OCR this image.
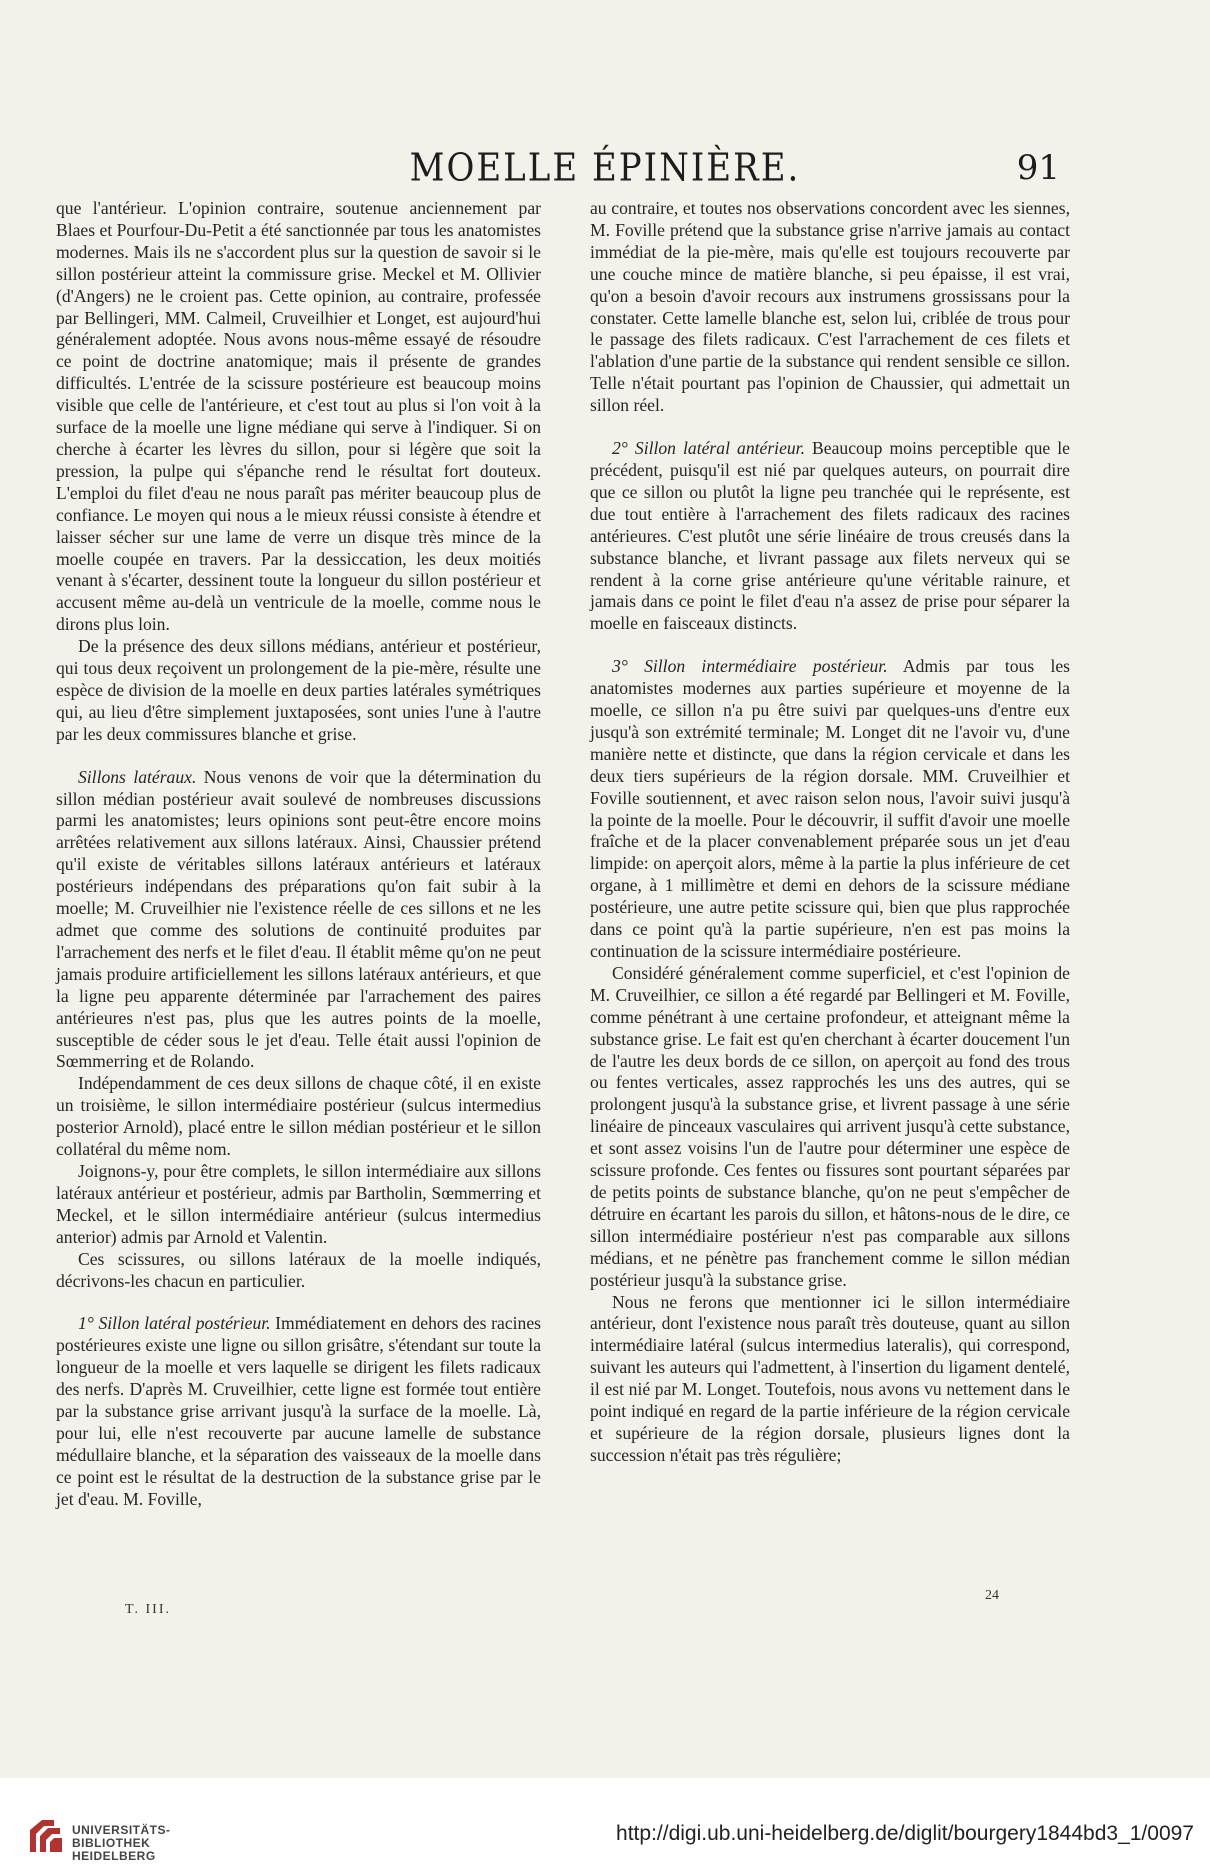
MOELLE ÉPINIÈRE.	91

que l'antérieur. L'opinion contraire, soutenue anciennement par Blaes et Pourfour-Du-Petit a été sanctionnée par tous les anatomistes modernes. Mais ils ne s'accordent plus sur la question de savoir si le sillon postérieur atteint la commissure grise. Meckel et M. Ollivier (d'Angers) ne le croient pas. Cette opinion, au contraire, professée par Bellingeri, MM. Calmeil, Cruveilhier et Longet, est aujourd'hui généralement adoptée. Nous avons nous-même essayé de résoudre ce point de doctrine anatomique; mais il présente de grandes difficultés. L'entrée de la scissure postérieure est beaucoup moins visible que celle de l'antérieure, et c'est tout au plus si l'on voit à la surface de la moelle une ligne médiane qui serve à l'indiquer. Si on cherche à écarter les lèvres du sillon, pour si légère que soit la pression, la pulpe qui s'épanche rend le résultat fort douteux. L'emploi du filet d'eau ne nous paraît pas mériter beaucoup plus de confiance. Le moyen qui nous a le mieux réussi consiste à étendre et laisser sécher sur une lame de verre un disque très mince de la moelle coupée en travers. Par la dessiccation, les deux moitiés venant à s'écarter, dessinent toute la longueur du sillon postérieur et accusent même au-delà un ventricule de la moelle, comme nous le dirons plus loin.

De la présence des deux sillons médians, antérieur et postérieur, qui tous deux reçoivent un prolongement de la pie-mère, résulte une espèce de division de la moelle en deux parties latérales symétriques qui, au lieu d'être simplement juxtaposées, sont unies l'une à l'autre par les deux commissures blanche et grise.

Sillons latéraux. Nous venons de voir que la détermination du sillon médian postérieur avait soulevé de nombreuses discussions parmi les anatomistes; leurs opinions sont peut-être encore moins arrêtées relativement aux sillons latéraux. Ainsi, Chaussier prétend qu'il existe de véritables sillons latéraux antérieurs et latéraux postérieurs indépendans des préparations qu'on fait subir à la moelle; M. Cruveilhier nie l'existence réelle de ces sillons et ne les admet que comme des solutions de continuité produites par l'arrachement des nerfs et le filet d'eau. Il établit même qu'on ne peut jamais produire artificiellement les sillons latéraux antérieurs, et que la ligne peu apparente déterminée par l'arrachement des paires antérieures n'est pas, plus que les autres points de la moelle, susceptible de céder sous le jet d'eau. Telle était aussi l'opinion de Sœmmerring et de Rolando.

Indépendamment de ces deux sillons de chaque côté, il en existe un troisième, le sillon intermédiaire postérieur (sulcus intermedius posterior Arnold), placé entre le sillon médian postérieur et le sillon collatéral du même nom.

Joignons-y, pour être complets, le sillon intermédiaire aux sillons latéraux antérieur et postérieur, admis par Bartholin, Sœmmerring et Meckel, et le sillon intermédiaire antérieur (sulcus intermedius anterior) admis par Arnold et Valentin.

Ces scissures, ou sillons latéraux de la moelle indiqués, décrivons-les chacun en particulier.

1° Sillon latéral postérieur. Immédiatement en dehors des racines postérieures existe une ligne ou sillon grisâtre, s'étendant sur toute la longueur de la moelle et vers laquelle se dirigent les filets radicaux des nerfs. D'après M. Cruveilhier, cette ligne est formée tout entière par la substance grise arrivant jusqu'à la surface de la moelle. Là, pour lui, elle n'est recouverte par aucune lamelle de substance médullaire blanche, et la séparation des vaisseaux de la moelle dans ce point est le résultat de la destruction de la substance grise par le jet d'eau. M. Foville,

au contraire, et toutes nos observations concordent avec les siennes, M. Foville prétend que la substance grise n'arrive jamais au contact immédiat de la pie-mère, mais qu'elle est toujours recouverte par une couche mince de matière blanche, si peu épaisse, il est vrai, qu'on a besoin d'avoir recours aux instrumens grossissans pour la constater. Cette lamelle blanche est, selon lui, criblée de trous pour le passage des filets radicaux. C'est l'arrachement de ces filets et l'ablation d'une partie de la substance qui rendent sensible ce sillon. Telle n'était pourtant pas l'opinion de Chaussier, qui admettait un sillon réel.

2° Sillon latéral antérieur. Beaucoup moins perceptible que le précédent, puisqu'il est nié par quelques auteurs, on pourrait dire que ce sillon ou plutôt la ligne peu tranchée qui le représente, est due tout entière à l'arrachement des filets radicaux des racines antérieures. C'est plutôt une série linéaire de trous creusés dans la substance blanche, et livrant passage aux filets nerveux qui se rendent à la corne grise antérieure qu'une véritable rainure, et jamais dans ce point le filet d'eau n'a assez de prise pour séparer la moelle en faisceaux distincts.

3° Sillon intermédiaire postérieur. Admis par tous les anatomistes modernes aux parties supérieure et moyenne de la moelle, ce sillon n'a pu être suivi par quelques-uns d'entre eux jusqu'à son extrémité terminale; M. Longet dit ne l'avoir vu, d'une manière nette et distincte, que dans la région cervicale et dans les deux tiers supérieurs de la région dorsale. MM. Cruveilhier et Foville soutiennent, et avec raison selon nous, l'avoir suivi jusqu'à la pointe de la moelle. Pour le découvrir, il suffit d'avoir une moelle fraîche et de la placer convenablement préparée sous un jet d'eau limpide: on aperçoit alors, même à la partie la plus inférieure de cet organe, à 1 millimètre et demi en dehors de la scissure médiane postérieure, une autre petite scissure qui, bien que plus rapprochée dans ce point qu'à la partie supérieure, n'en est pas moins la continuation de la scissure intermédiaire postérieure.

Considéré généralement comme superficiel, et c'est l'opinion de M. Cruveilhier, ce sillon a été regardé par Bellingeri et M. Foville, comme pénétrant à une certaine profondeur, et atteignant même la substance grise. Le fait est qu'en cherchant à écarter doucement l'un de l'autre les deux bords de ce sillon, on aperçoit au fond des trous ou fentes verticales, assez rapprochés les uns des autres, qui se prolongent jusqu'à la substance grise, et livrent passage à une série linéaire de pinceaux vasculaires qui arrivent jusqu'à cette substance, et sont assez voisins l'un de l'autre pour déterminer une espèce de scissure profonde. Ces fentes ou fissures sont pourtant séparées par de petits points de substance blanche, qu'on ne peut s'empêcher de détruire en écartant les parois du sillon, et hâtons-nous de le dire, ce sillon intermédiaire postérieur n'est pas comparable aux sillons médians, et ne pénètre pas franchement comme le sillon médian postérieur jusqu'à la substance grise.

Nous ne ferons que mentionner ici le sillon intermédiaire antérieur, dont l'existence nous paraît très douteuse, quant au sillon intermédiaire latéral (sulcus intermedius lateralis), qui correspond, suivant les auteurs qui l'admettent, à l'insertion du ligament dentelé, il est nié par M. Longet. Toutefois, nous avons vu nettement dans le point indiqué en regard de la partie inférieure de la région cervicale et supérieure de la région dorsale, plusieurs lignes dont la succession n'était pas très régulière;

T. III.
24
UNIVERSITÄTS-
BIBLIOTHEK
HEIDELBERG
http://digi.ub.uni-heidelberg.de/diglit/bourgery1844bd3_1/0097
